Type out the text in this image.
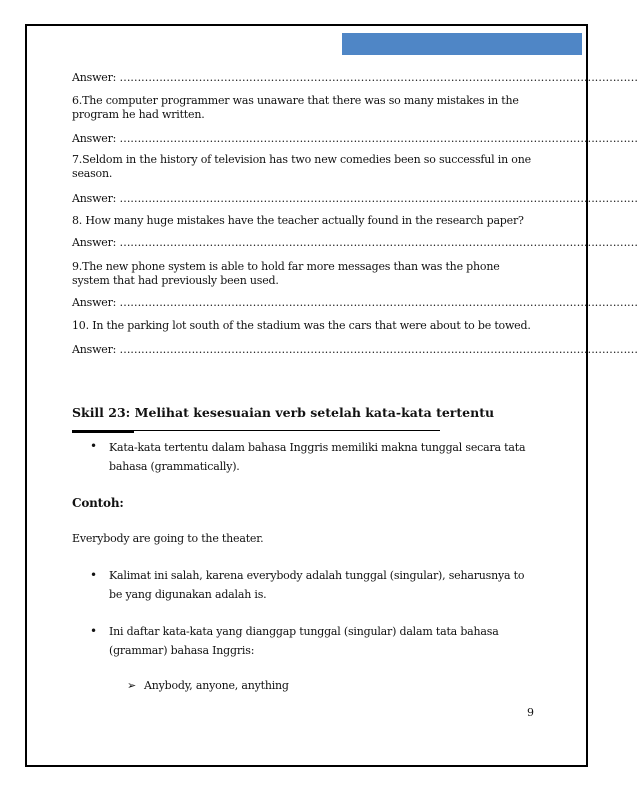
Answer: ………………………………………………………………………………………………………………………………
6.The computer programmer was unaware that there was so many mistakes in the program he had written.
Answer: ………………………………………………………………………………………………………………………………
7.Seldom in the history of television has two new comedies been so successful in one season.
Answer: ………………………………………………………………………………………………………………………………
8. How many huge mistakes have the teacher actually found in the research paper?
Answer: ………………………………………………………………………………………………………………………………
9.The new phone system is able to hold far more messages than was the phone system that had previously been used.
Answer: ………………………………………………………………………………………………………………………………
10. In the parking lot south of the stadium was the cars that were about to be towed.
Answer: ………………………………………………………………………………………………………………………………
Skill 23: Melihat kesesuaian verb setelah kata-kata tertentu
• Kata-kata tertentu dalam bahasa Inggris memiliki makna tunggal secara tata bahasa (grammatically).
Contoh:
Everybody are going to the theater.
• Kalimat ini salah, karena everybody adalah tunggal (singular), seharusnya to be yang digunakan adalah is.
• Ini daftar kata-kata yang dianggap tunggal (singular) dalam tata bahasa (grammar) bahasa Inggris:
➢ Anybody, anyone, anything
9
